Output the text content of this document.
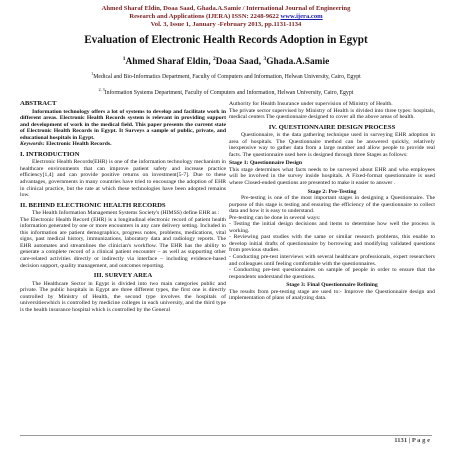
Ahmed Sharaf Eldin, Doaa Saad, Ghada.A.Samie / International Journal of Engineering
Research and Applications (IJERA) ISSN: 2248-9622 www.ijera.com
Vol. 3, Issue 1, January -February 2013, pp.1131-1134
Evaluation of Electronic Health Records Adoption in Egypt
$^1$Ahmed Sharaf Eldin, $^2$Doaa Saad, $^3$Ghada.A.Samie
$^1$Medical and Bio-Informatics Department, Faculty of Computers and Information, Helwan University, Cairo, Egypt
$^{2, 3}$Information Systems Department, Faculty of Computers and Information, Helwan University, Cairo, Egypt
ABSTRACT

Information technology offers a lot of systems to develop and facilitate work in different areas. Electronic Health Records system is relevant in providing support and development of work in the medical field. This paper presents the current state of Electronic Health Records in Egypt. It Surveys a sample of public, private, and educational hospitals in Egypt.

Keywords: Electronic Health Records.

I. INTRODUCTION

Electronic Health Records(EHR) is one of the information technology mechanism in healthcare environments that can improve patient safety and increase practice efficiency[1,4] and can provide positive returns on investment[5-7]. Due to these advantages, governments in many countries have tried to encourage the adoption of EHR in clinical practice, but the rate at which these technologies have been adopted remains low.

II. BEHIND ELECTRONIC HEALTH RECORDS

The Health Information Management Systems Society's (HIMSS) define EHR as :

The Electronic Health Record (EHR) is a longitudinal electronic record of patient health information generated by one or more encounters in any care delivery setting. Included in this information are patient demographics, progress notes, problems, medications, vital signs, past medical history, immunizations, laboratory data and radiology reports. The EHR automates and streamlines the clinician's workflow. The EHR has the ability to generate a complete record of a clinical patient encounter – as well as supporting other care-related activities directly or indirectly via interface – including evidence-based decision support, quality management, and outcomes reporting.

III. SURVEY AREA

The Healthcare Sector in Egypt is divided into two main categories public and private. The public hospitals in Egypt are three different types, the first one is directly controlled by Ministry of Health, the second type involves the hospitals of universitieswhich is controlled by medicine colleges in each university, and the third type is the health insurance hospital which is controlled by the General

Authority for Health Insurance under supervision of Ministry of Health.

The private sector supervised by Ministry of Health is divided into three types: hospitals, medical centers The questionnaire designed to cover all the above areas of health.

IV. QUESTIONNAIRE DESIGN PROCESS

Questionnaire, is the data gathering technique used in surveying EHR adoption in area of hospitals. The Questionnaire method can be answered quickly, relatively inexpensive way to gather data from a large number and allow people to provide real facts. The questionnaire used here is designed through three Stages as follows:

Stage 1: Questionnaire Design

This stage determines what facts needs to be surveyed about EHR and who employees will be involved in the survey inside hospitals. A Fixed-format questionnaire is used where Closed-ended questions are presented to make it easier to answer .

Stage 2: Pre-Testing

Pre-testing is one of the most important stages in designing a Questionnaire. The purpose of this stage is testing and ensuring the efficiency of the questionnaire to collect data and how it is easy to understand.

Pre-testing can be done in several ways:

- Testing the initial design decisions and items to determine how well the process is working.

- Reviewing past studies with the same or similar research problems, this enable to develop initial drafts of questionnaire by borrowing and modifying validated questions from previous studies.

- Conducting pre-test interviews with several healthcare professionals, expert researchers and colleagues until feeling comfortable with the questionnaires.

- Conducting pre-test questionnaires on sample of people in order to ensure that the respondents understand the questions.

Stage 3: Final Questionnaire Refining

The results from pre-testing stage are used to:- Improve the Questionnaire design and implementation of plans of analyzing data.

1131 | P a g e
